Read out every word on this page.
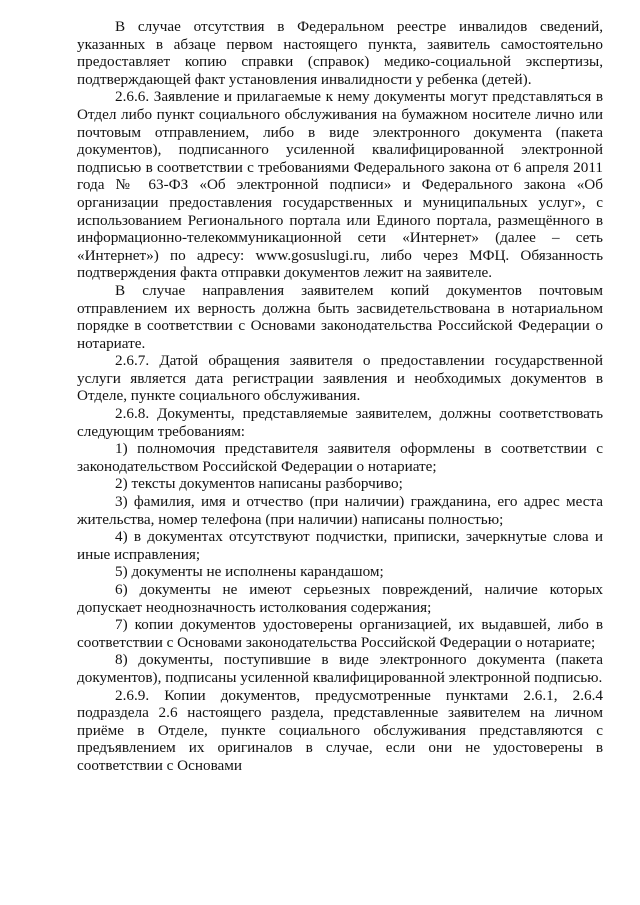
В случае отсутствия в Федеральном реестре инвалидов сведений, указанных в абзаце первом настоящего пункта, заявитель самостоятельно предоставляет копию справки (справок) медико-социальной экспертизы, подтверждающей факт установления инвалидности у ребенка (детей).

2.6.6. Заявление и прилагаемые к нему документы могут представляться в Отдел либо пункт социального обслуживания на бумажном носителе лично или почтовым отправлением, либо в виде электронного документа (пакета документов), подписанного усиленной квалифицированной электронной подписью в соответствии с требованиями Федерального закона от 6 апреля 2011 года № 63-ФЗ «Об электронной подписи» и Федерального закона «Об организации предоставления государственных и муниципальных услуг», с использованием Регионального портала или Единого портала, размещённого в информационно-телекоммуникационной сети «Интернет» (далее – сеть «Интернет») по адресу: www.gosuslugi.ru, либо через МФЦ. Обязанность подтверждения факта отправки документов лежит на заявителе.

В случае направления заявителем копий документов почтовым отправлением их верность должна быть засвидетельствована в нотариальном порядке в соответствии с Основами законодательства Российской Федерации о нотариате.

2.6.7. Датой обращения заявителя о предоставлении государственной услуги является дата регистрации заявления и необходимых документов в Отделе, пункте социального обслуживания.

2.6.8. Документы, представляемые заявителем, должны соответствовать следующим требованиям:

1) полномочия представителя заявителя оформлены в соответствии с законодательством Российской Федерации о нотариате;

2) тексты документов написаны разборчиво;

3) фамилия, имя и отчество (при наличии) гражданина, его адрес места жительства, номер телефона (при наличии) написаны полностью;

4) в документах отсутствуют подчистки, приписки, зачеркнутые слова и иные исправления;

5) документы не исполнены карандашом;

6) документы не имеют серьезных повреждений, наличие которых допускает неоднозначность истолкования содержания;

7) копии документов удостоверены организацией, их выдавшей, либо в соответствии с Основами законодательства Российской Федерации о нотариате;

8) документы, поступившие в виде электронного документа (пакета документов), подписаны усиленной квалифицированной электронной подписью.

2.6.9. Копии документов, предусмотренные пунктами 2.6.1, 2.6.4 подраздела 2.6 настоящего раздела, представленные заявителем на личном приёме в Отделе, пункте социального обслуживания представляются с предъявлением их оригиналов в случае, если они не удостоверены в соответствии с Основами
